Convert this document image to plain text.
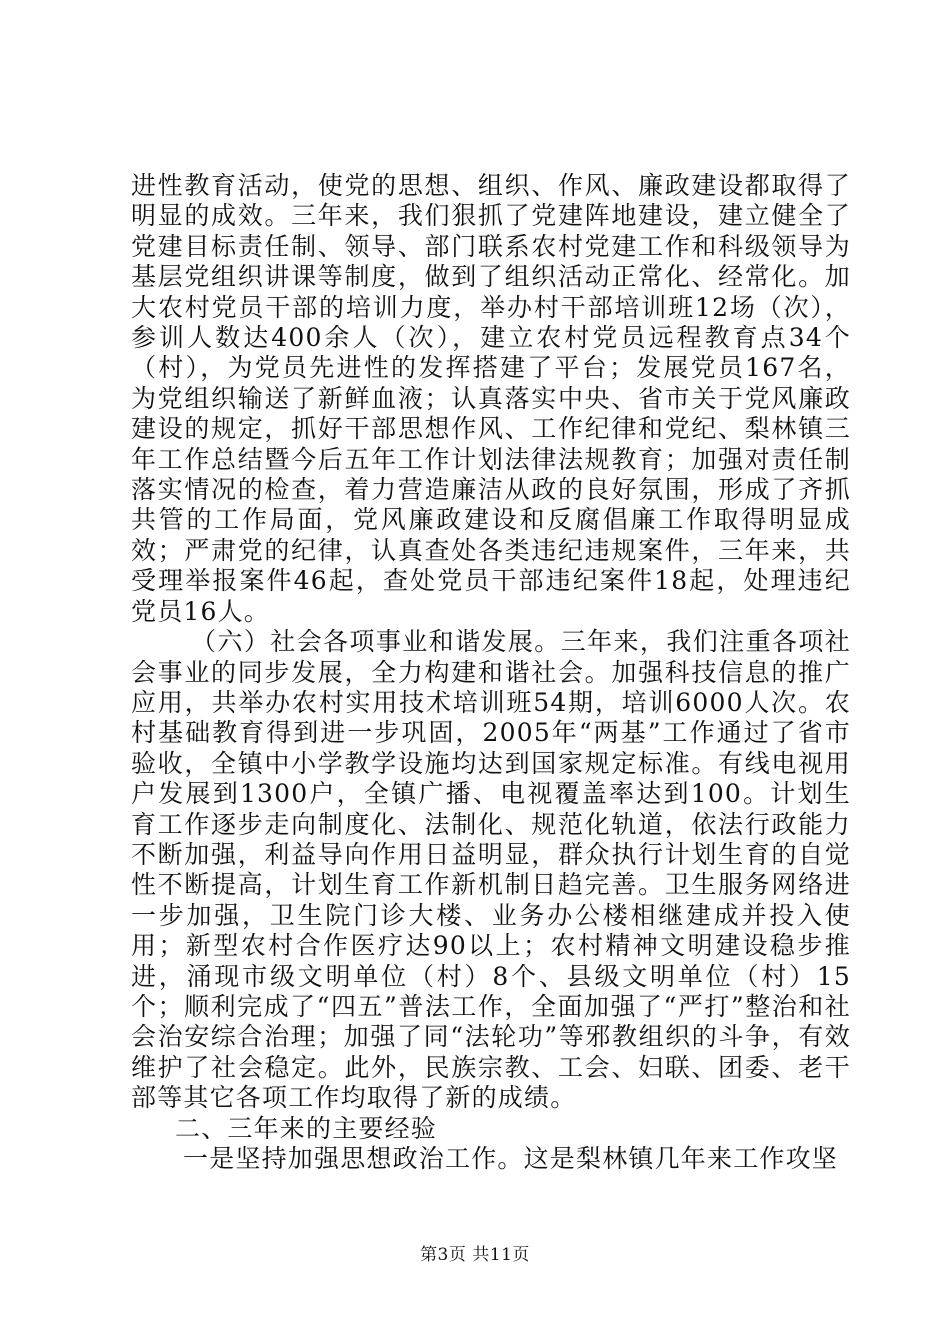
进性教育活动，使党的思想、组织、作风、廉政建设都取得了明显的成效。三年来，我们狠抓了党建阵地建设，建立健全了党建目标责任制、领导、部门联系农村党建工作和科级领导为基层党组织讲课等制度，做到了组织活动正常化、经常化。加大农村党员干部的培训力度，举办村干部培训班12场（次），参训人数达400余人（次），建立农村党员远程教育点34个（村），为党员先进性的发挥搭建了平台；发展党员167名，为党组织输送了新鲜血液；认真落实中央、省市关于党风廉政建设的规定，抓好干部思想作风、工作纪律和党纪、梨林镇三年工作总结暨今后五年工作计划法律法规教育；加强对责任制落实情况的检查，着力营造廉洁从政的良好氛围，形成了齐抓共管的工作局面，党风廉政建设和反腐倡廉工作取得明显成效；严肃党的纪律，认真查处各类违纪违规案件，三年来，共受理举报案件46起，查处党员干部违纪案件18起，处理违纪党员16人。

（六）社会各项事业和谐发展。三年来，我们注重各项社会事业的同步发展，全力构建和谐社会。加强科技信息的推广应用，共举办农村实用技术培训班54期，培训6000人次。农村基础教育得到进一步巩固，2005年“两基”工作通过了省市验收，全镇中小学教学设施均达到国家规定标准。有线电视用户发展到1300户，全镇广播、电视覆盖率达到100。计划生育工作逐步走向制度化、法制化、规范化轨道，依法行政能力不断加强，利益导向作用日益明显，群众执行计划生育的自觉性不断提高，计划生育工作新机制日趋完善。卫生服务网络进一步加强，卫生院门诊大楼、业务办公楼相继建成并投入使用；新型农村合作医疗达90以上；农村精神文明建设稳步推进，涌现市级文明单位（村）8个、县级文明单位（村）15个；顺利完成了“四五”普法工作，全面加强了“严打”整治和社会治安综合治理；加强了同“法轮功”等邪教组织的斗争，有效维护了社会稳定。此外，民族宗教、工会、妇联、团委、老干部等其它各项工作均取得了新的成绩。

二、三年来的主要经验

一是坚持加强思想政治工作。这是梨林镇几年来工作攻坚

第3页 共11页
